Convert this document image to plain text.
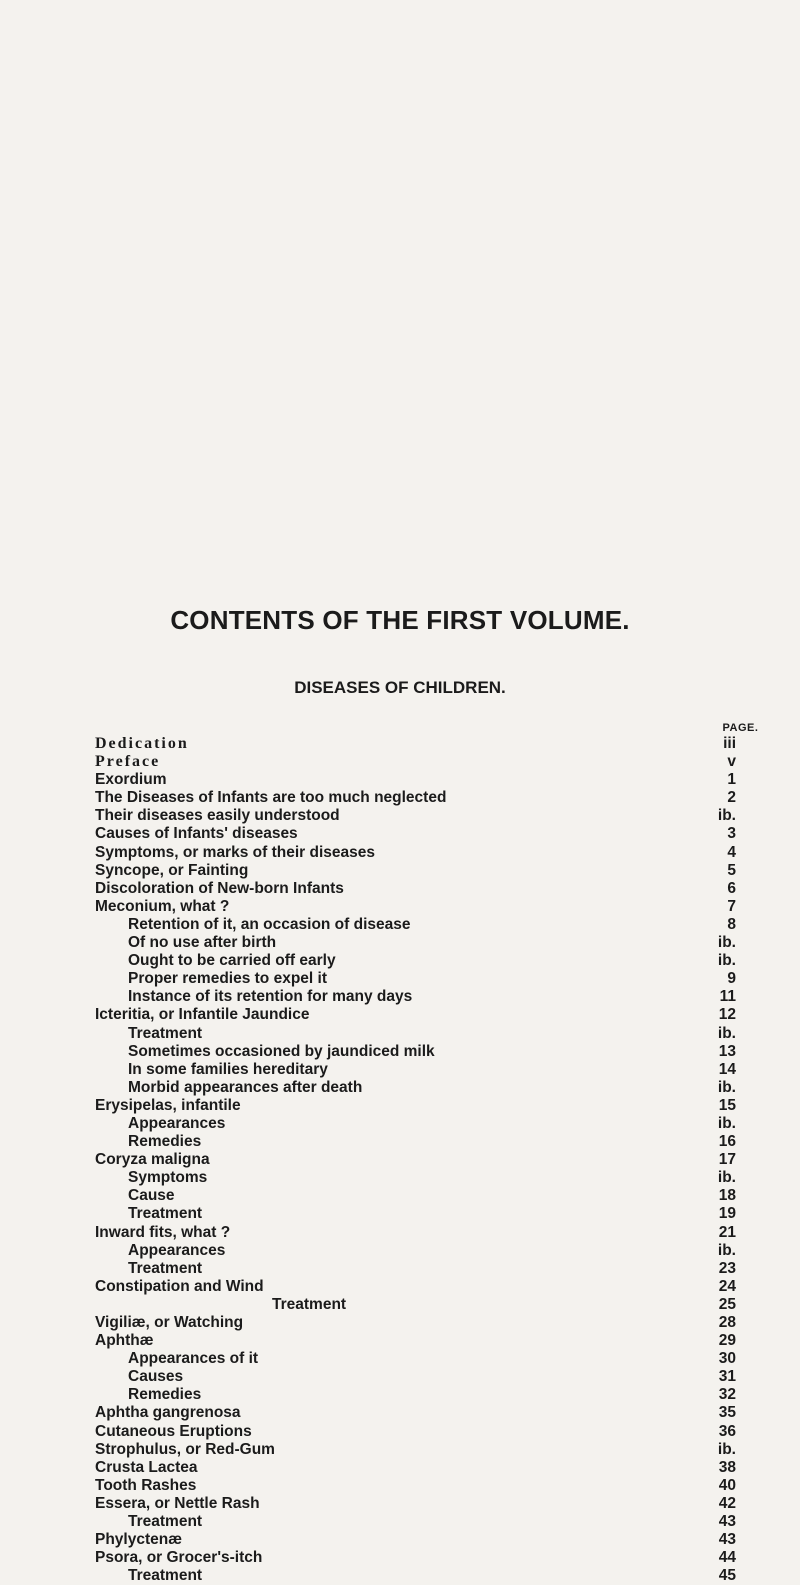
CONTENTS OF THE FIRST VOLUME.
DISEASES OF CHILDREN.
PAGE.
Dedication	iii
Preface	v
Exordium	1
The Diseases of Infants are too much neglected	2
Their diseases easily understood	ib.
Causes of Infants' diseases	3
Symptoms, or marks of their diseases	4
Syncope, or Fainting	5
Discoloration of New-born Infants	6
Meconium, what ?	7
Retention of it, an occasion of disease	8
Of no use after birth	ib.
Ought to be carried off early	ib.
Proper remedies to expel it	9
Instance of its retention for many days	11
Icteritia, or Infantile Jaundice	12
Treatment	ib.
Sometimes occasioned by jaundiced milk	13
In some families hereditary	14
Morbid appearances after death	ib.
Erysipelas, infantile	15
Appearances	ib.
Remedies	16
Coryza maligna	17
Symptoms	ib.
Cause	18
Treatment	19
Inward fits, what ?	21
Appearances	ib.
Treatment	23
Constipation and Wind	24
Treatment	25
Vigiliæ, or Watching	28
Aphthæ	29
Appearances of it	30
Causes	31
Remedies	32
Aphtha gangrenosa	35
Cutaneous Eruptions	36
Strophulus, or Red-Gum	ib.
Crusta Lactea	38
Tooth Rashes	40
Essera, or Nettle Rash	42
Treatment	43
Phylyctenæ	43
Psora, or Grocer's-itch	44
Treatment	45
